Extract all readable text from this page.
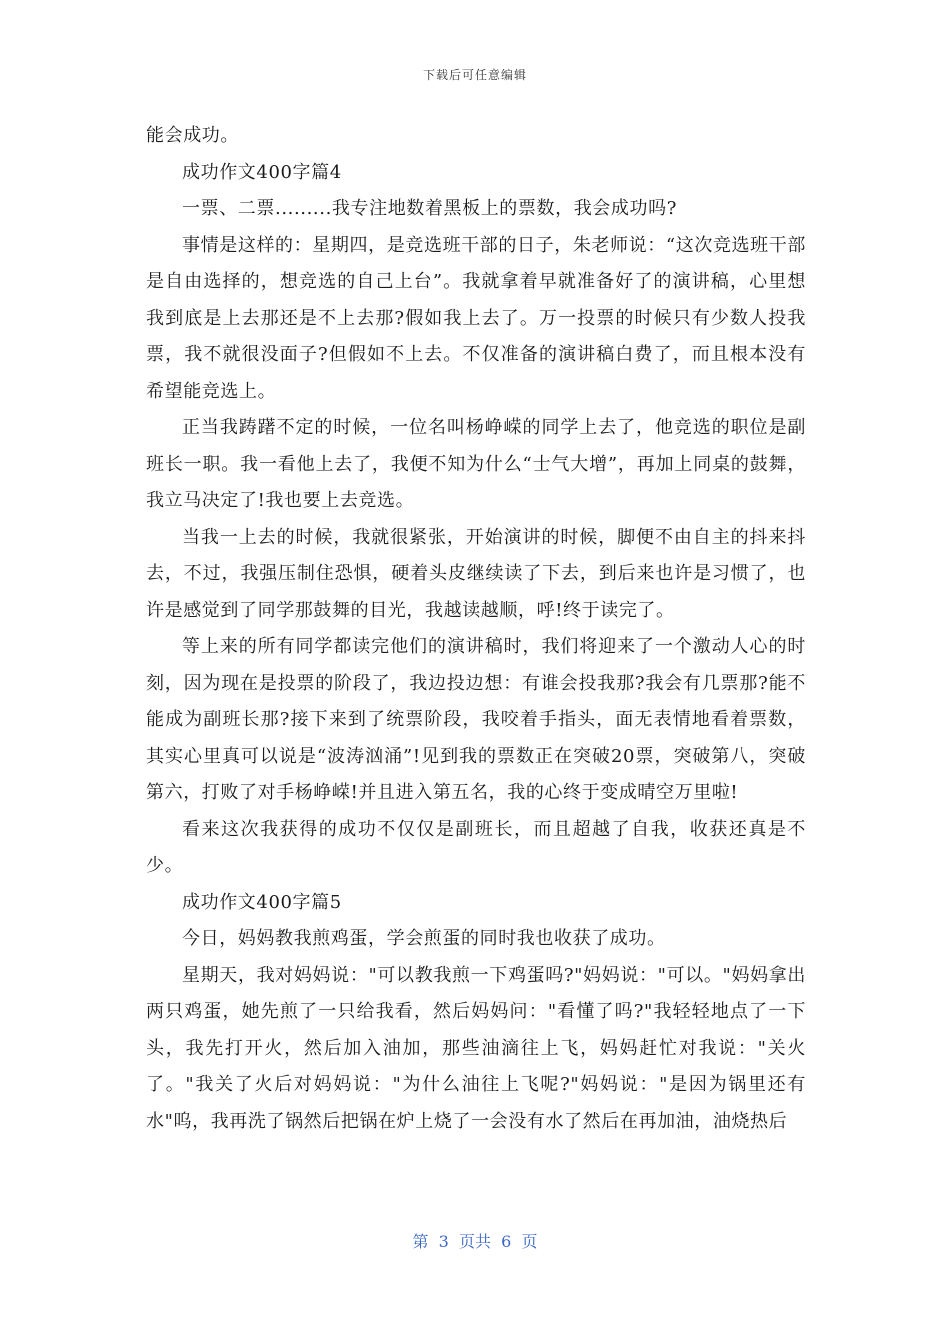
下载后可任意编辑

能会成功。

成功作文400字篇4

一票、二票.........我专注地数着黑板上的票数，我会成功吗?

事情是这样的：星期四，是竞选班干部的日子，朱老师说：“这次竞选班干部是自由选择的，想竞选的自己上台”。我就拿着早就准备好了的演讲稿，心里想我到底是上去那还是不上去那?假如我上去了。万一投票的时候只有少数人投我票，我不就很没面子?但假如不上去。不仅准备的演讲稿白费了，而且根本没有希望能竞选上。

正当我踌躇不定的时候，一位名叫杨峥嵘的同学上去了，他竞选的职位是副班长一职。我一看他上去了，我便不知为什么“士气大增”，再加上同桌的鼓舞，我立马决定了!我也要上去竞选。

当我一上去的时候，我就很紧张，开始演讲的时候，脚便不由自主的抖来抖去，不过，我强压制住恐惧，硬着头皮继续读了下去，到后来也许是习惯了，也许是感觉到了同学那鼓舞的目光，我越读越顺，呼!终于读完了。

等上来的所有同学都读完他们的演讲稿时，我们将迎来了一个激动人心的时刻，因为现在是投票的阶段了，我边投边想：有谁会投我那?我会有几票那?能不能成为副班长那?接下来到了统票阶段，我咬着手指头，面无表情地看着票数，其实心里真可以说是“波涛汹涌”!见到我的票数正在突破20票，突破第八，突破第六，打败了对手杨峥嵘!并且进入第五名，我的心终于变成晴空万里啦!

看来这次我获得的成功不仅仅是副班长，而且超越了自我，收获还真是不少。

成功作文400字篇5

今日，妈妈教我煎鸡蛋，学会煎蛋的同时我也收获了成功。

星期天，我对妈妈说："可以教我煎一下鸡蛋吗?"妈妈说："可以。"妈妈拿出两只鸡蛋，她先煎了一只给我看，然后妈妈问："看懂了吗?"我轻轻地点了一下头，我先打开火，然后加入油加，那些油滴往上飞，妈妈赶忙对我说："关火了。"我关了火后对妈妈说："为什么油往上飞呢?"妈妈说："是因为锅里还有水"呜，我再洗了锅然后把锅在炉上烧了一会没有水了然后在再加油，油烧热后

第  3  页共  6  页
